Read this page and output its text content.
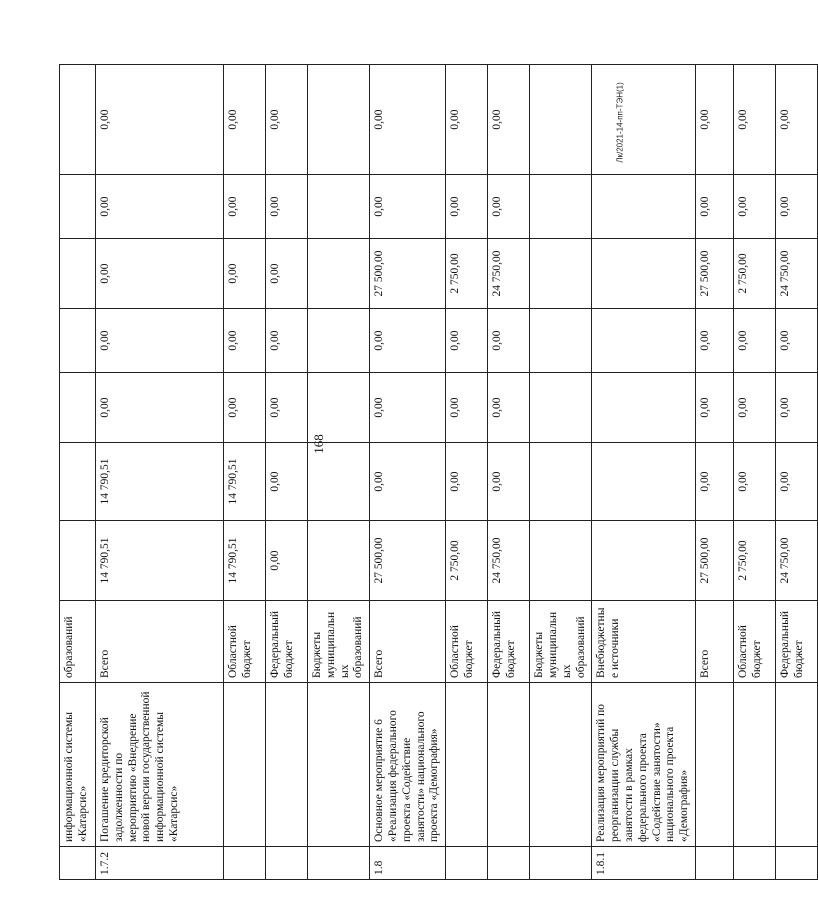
168
Лк/2021-14-пп-ТЭН(1)
	информационной системы «Катарсис»	образований							
1.7.2	Погашение кредиторской задолженности по мероприятию «Внедрение новой версии государственной информационной системы «Катарсис»	Всего	14 790,51	14 790,51	0,00	0,00	0,00	0,00	0,00
		Областной бюджет	14 790,51	14 790,51	0,00	0,00	0,00	0,00	0,00
		Федеральный бюджет	0,00	0,00	0,00	0,00	0,00	0,00	0,00
		Бюджеты муниципальных образований							
1.8	Основное мероприятие 6 «Реализация федерального проекта «Содействие занятости» национального проекта «Демография»	Всего	27 500,00	0,00	0,00	0,00	27 500,00	0,00	0,00
		Областной бюджет	2 750,00	0,00	0,00	0,00	2 750,00	0,00	0,00
		Федеральный бюджет	24 750,00	0,00	0,00	0,00	24 750,00	0,00	0,00
		Бюджеты муниципальных образований							
1.8.1	Реализация мероприятий по реорганизации службы занятости в рамках федерального проекта «Содействие занятости» национального проекта «Демография»	Внебюджетные источники							
		Всего	27 500,00	0,00	0,00	0,00	27 500,00	0,00	0,00
		Областной бюджет	2 750,00	0,00	0,00	0,00	2 750,00	0,00	0,00
		Федеральный бюджет	24 750,00	0,00	0,00	0,00	24 750,00	0,00	0,00
